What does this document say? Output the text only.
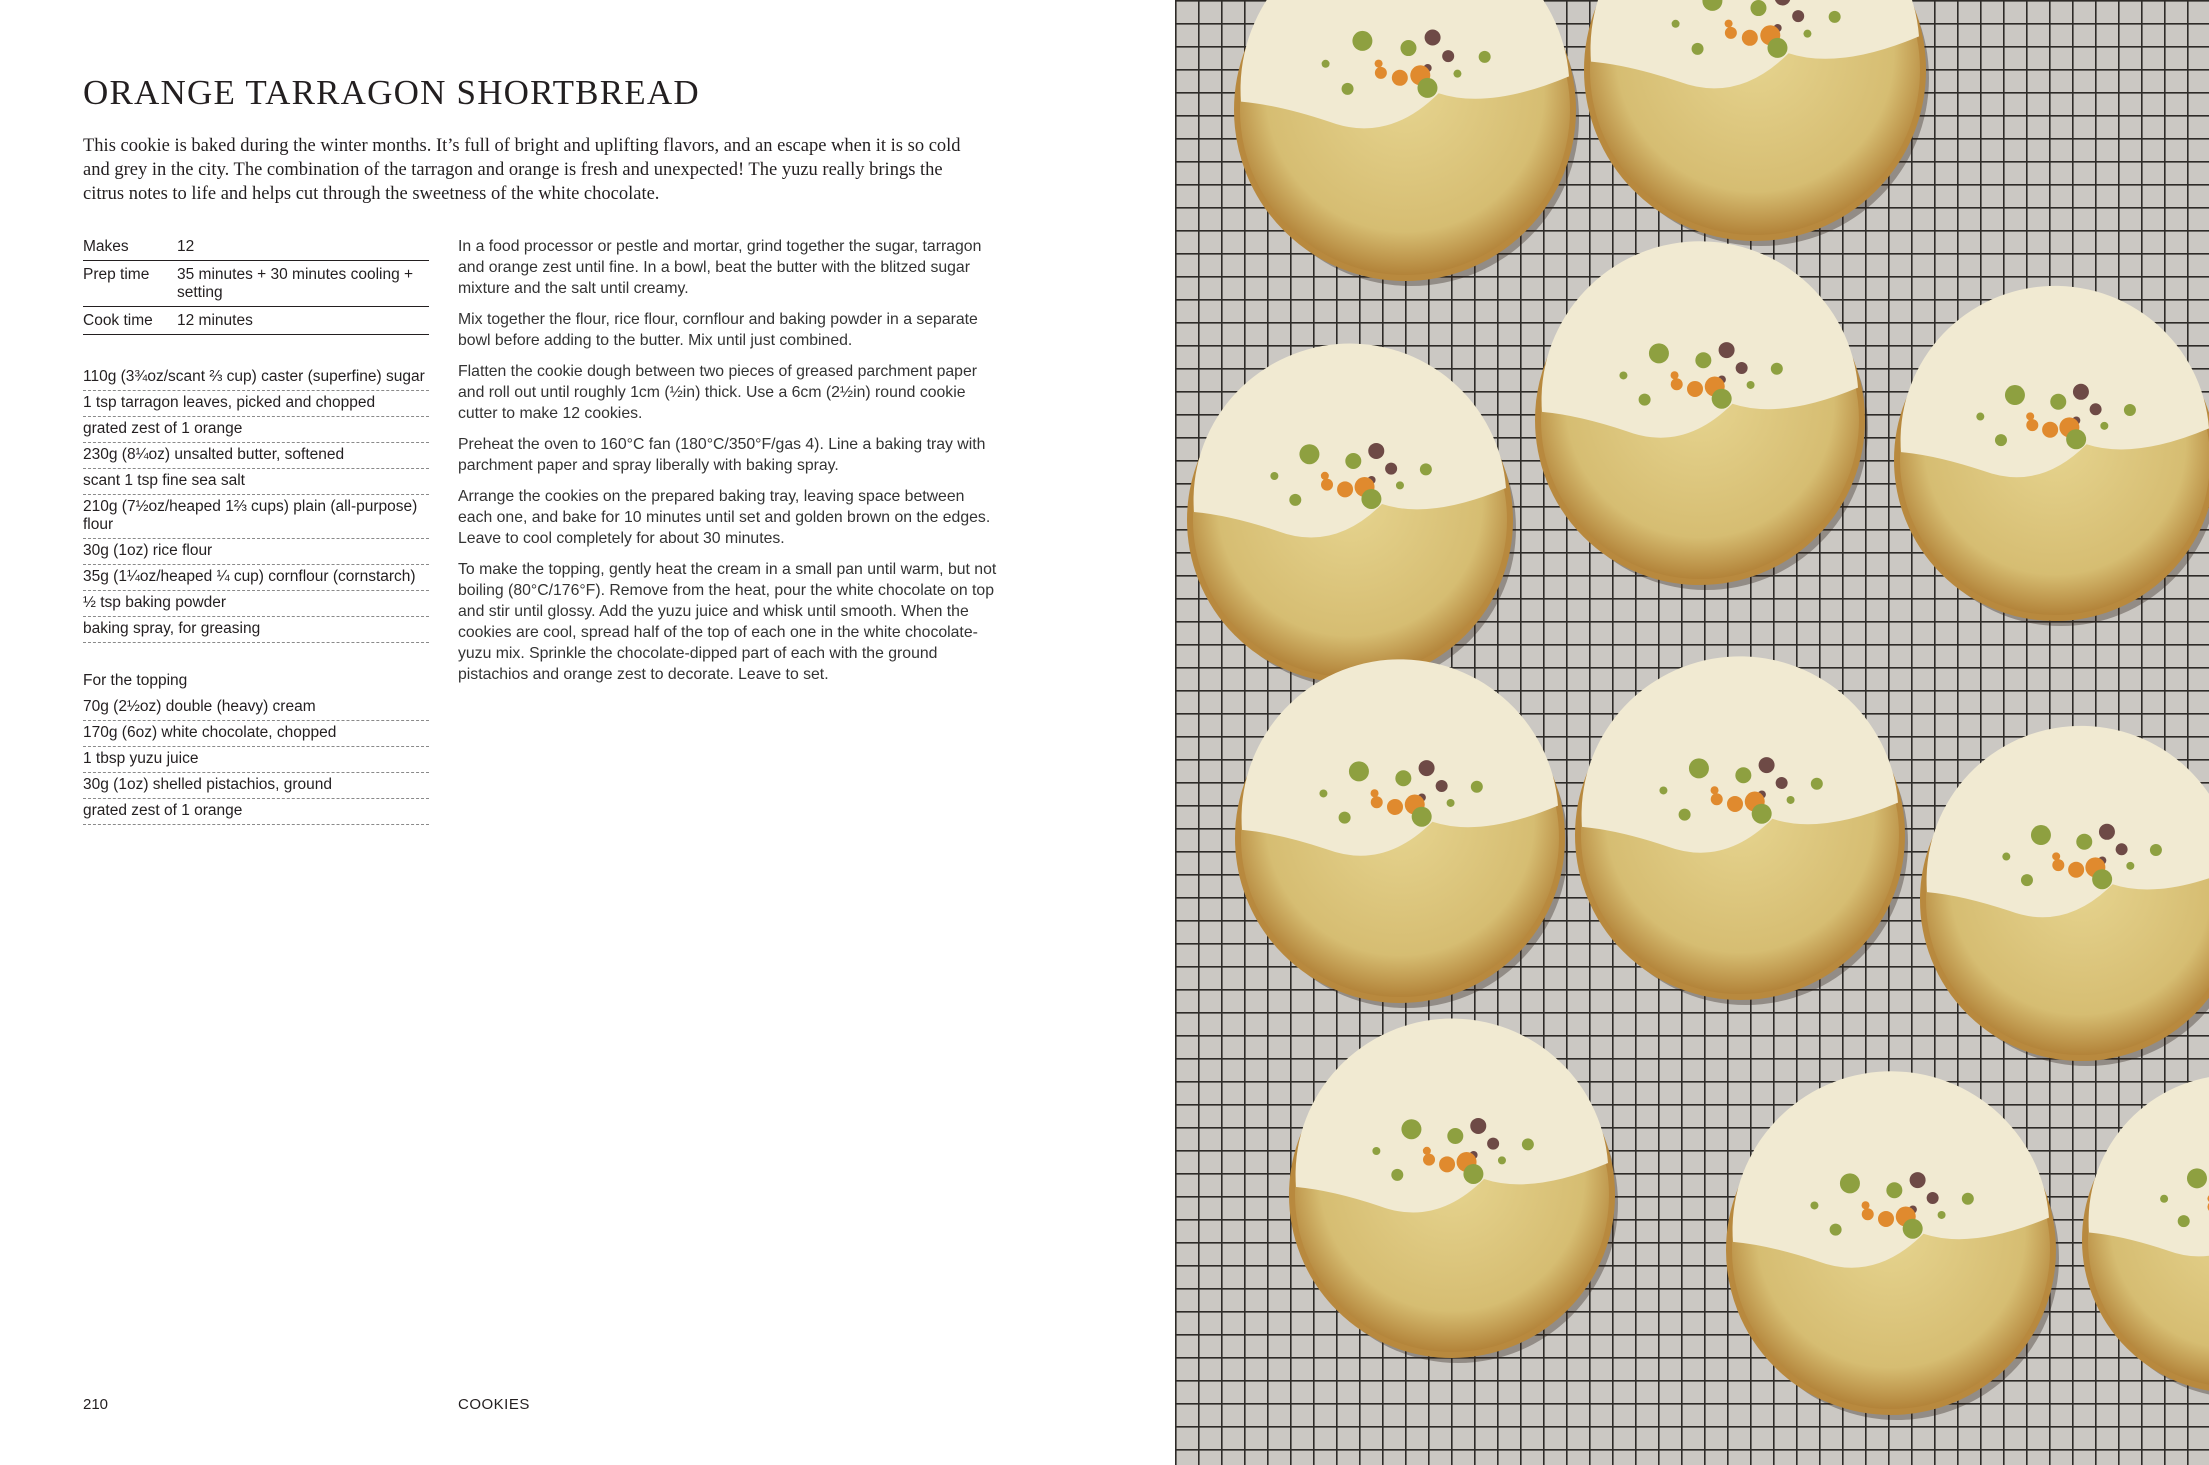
ORANGE TARRAGON SHORTBREAD

This cookie is baked during the winter months. It’s full of bright and uplifting flavors, and an escape when it is so cold and grey in the city. The combination of the tarragon and orange is fresh and unexpected! The yuzu really brings the citrus notes to life and helps cut through the sweetness of the white chocolate.

Makes	12
Prep time	35 minutes + 30 minutes cooling + setting
Cook time	12 minutes
110g (3¾oz/scant ⅔ cup) caster (superfine) sugar
1 tsp tarragon leaves, picked and chopped
grated zest of 1 orange
230g (8¼oz) unsalted butter, softened
scant 1 tsp fine sea salt
210g (7½oz/heaped 1⅔ cups) plain (all-purpose) flour
30g (1oz) rice flour
35g (1¼oz/heaped ¼ cup) cornflour (cornstarch)
½ tsp baking powder
baking spray, for greasing
For the topping
70g (2½oz) double (heavy) cream
170g (6oz) white chocolate, chopped
1 tbsp yuzu juice
30g (1oz) shelled pistachios, ground
grated zest of 1 orange

In a food processor or pestle and mortar, grind together the sugar, tarragon and orange zest until fine. In a bowl, beat the butter with the blitzed sugar mixture and the salt until creamy.

Mix together the flour, rice flour, cornflour and baking powder in a separate bowl before adding to the butter. Mix until just combined.

Flatten the cookie dough between two pieces of greased parchment paper and roll out until roughly 1cm (½in) thick. Use a 6cm (2½in) round cookie cutter to make 12 cookies.

Preheat the oven to 160°C fan (180°C/350°F/gas 4). Line a baking tray with parchment paper and spray liberally with baking spray.

Arrange the cookies on the prepared baking tray, leaving space between each one, and bake for 10 minutes until set and golden brown on the edges. Leave to cool completely for about 30 minutes.

To make the topping, gently heat the cream in a small pan until warm, but not boiling (80°C/176°F). Remove from the heat, pour the white chocolate on top and stir until glossy. Add the yuzu juice and whisk until smooth. When the cookies are cool, spread half of the top of each one in the white chocolate-yuzu mix. Sprinkle the chocolate-dipped part of each with the ground pistachios and orange zest to decorate. Leave to set.

210	COOKIES
